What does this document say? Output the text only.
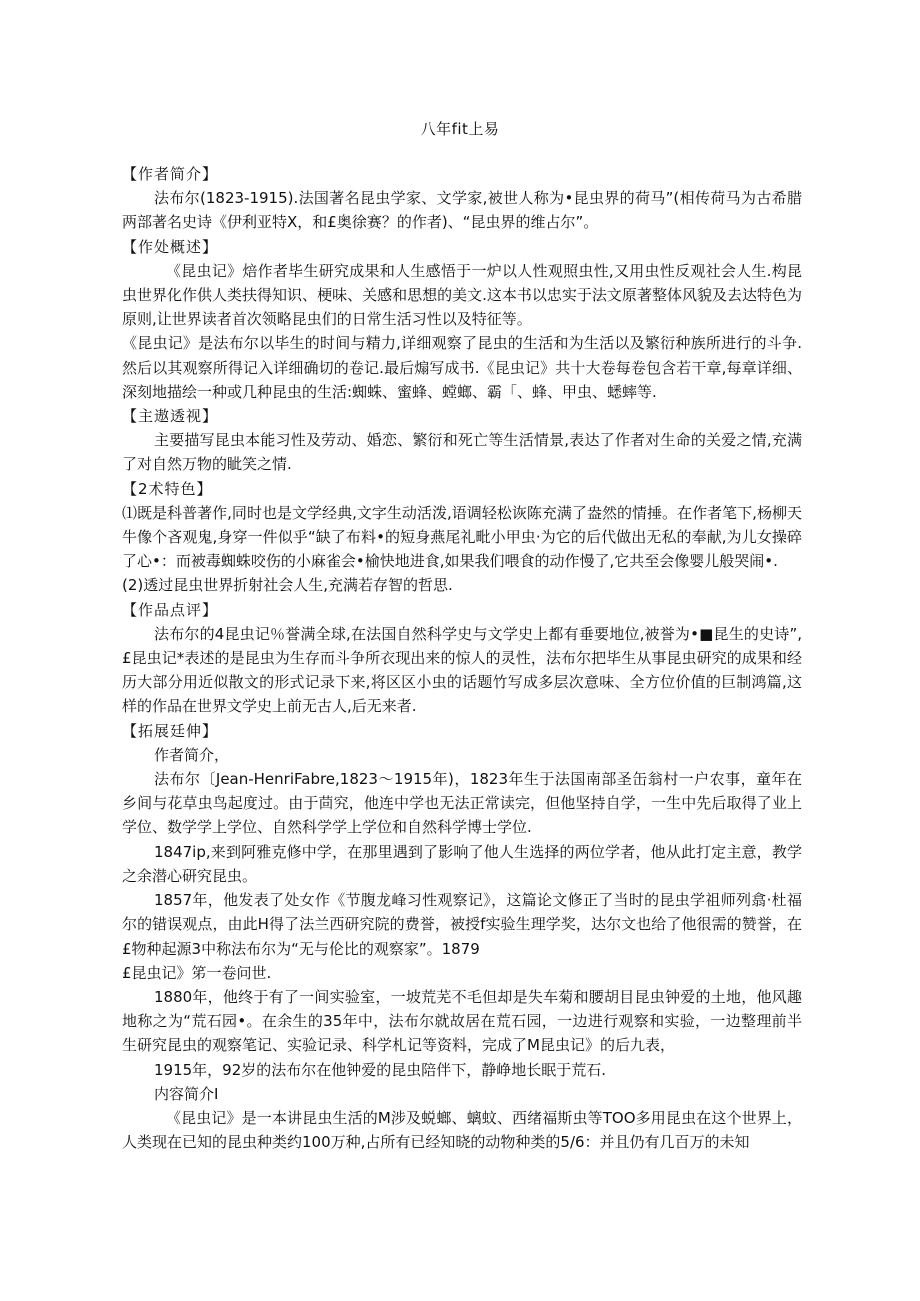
八年fit上易

【作者简介】

法布尔(1823-1915).法国著名昆虫学家、文学家,被世人称为•昆虫界的荷马”(相传荷马为古希腊两部著名史诗《伊利亚特X，和£奥徐赛？的作者)、“昆虫界的维占尔”。

【作处概述】

《昆虫记》焙作者毕生研究成果和人生感悟于一炉以人性观照虫性,又用虫性反观社会人生.构昆虫世界化作供人类扶得知识、梗味、关感和思想的美文.这本书以忠实于法文原著整体风貌及去达特色为原则,让世界读者首次领略昆虫们的日常生活习性以及特征等。

《昆虫记》是法布尔以毕生的时间与精力,详细观察了昆虫的生活和为生活以及繁衍种族所进行的斗争.然后以其观察所得记入详细确切的卷记.最后煽写成书.《昆虫记》共十大卷每卷包含若干章,每章详细、深刻地描绘一种或几种昆虫的生活:蜘蛛、蜜蜂、螳螂、霸「、蜂、甲虫、蟋蟀等.

【主遨透视】

主要描写昆虫本能习性及劳动、婚恋、繁衍和死亡等生活情景,表达了作者对生命的关爱之情,充满了对自然万物的眦笑之情.

【2术特色】

⑴既是科普著作,同时也是文学经典,文字生动活泼,语调轻松诙陈充满了盎然的情捶。在作者笔下,杨柳天牛像个吝观鬼,身穿一件似乎“缺了布料•的短身燕尾礼毗小甲虫·为它的后代做出无私的奉献,为儿女操碎了心•：而被毒蜘蛛咬伤的小麻雀会•榆快地进食,如果我们喂食的动作慢了,它共至会像婴儿般哭闹•.

(2)透过昆虫世界折射社会人生,充满若存智的哲思.

【作品点评】

法布尔的4昆虫记％誉满全球,在法国自然科学史与文学史上都有垂要地位,被誉为•■昆生的史诗”,£昆虫记*表述的是昆虫为生存而斗争所衣现出来的惊人的灵性，法布尔把毕生从事昆虫研究的成果和经历大部分用近似散文的形式记录下来,将区区小虫的话题竹写成多层次意味、全方位价值的巨制鸿篇,这样的作品在世界文学史上前无古人,后无来者.

【拓展廷伸】

作者简介，

法布尔〔Jean-HenriFabre,1823〜1915年)，1823年生于法国南部圣缶翁村一户农事，童年在乡间与花草虫鸟起度过。由于茴究，他连中学也无法正常读完，但他坚持自学，一生中先后取得了业上学位、数学学上学位、自然科学学上学位和自然科学博士学位.

1847ip,来到阿雅克修中学，在那里遇到了影响了他人生选择的两位学者，他从此打定主意，教学之余潜心研究昆虫。

1857年，他发表了处女作《节腹龙峰习性观察记》，这篇论文修正了当时的昆虫学祖师列翕·杜福尔的错误观点，由此H得了法兰西研究院的费誉，被授f实验生理学奖，达尔文也给了他很需的赞誉，在£物种起源3中称法布尔为“无与伦比的观察家”。1879

£昆虫记》笫一卷问世.

1880年，他终于有了一间实验室，一坡荒芜不毛但却是失车菊和腰胡目昆虫钟爱的土地，他风趣地称之为“荒石园•。在余生的35年中，法布尔就故居在荒石园，一边进行观察和实验，一边整理前半生研究昆虫的观察笔记、实验记录、科学札记等资料，完成了M昆虫记》的后九表，

1915年，92岁的法布尔在他钟爱的昆虫陪伴下，静峥地长眠于荒石.

内容简介I

《昆虫记》是一本讲昆虫生活的M涉及蜕螂、螭蚊、西绪福斯虫等TOO多用昆虫在这个世界上，人类现在已知的昆虫种类约100万种,占所有已经知晓的动物种类的5/6：并且仍有几百万的未知
